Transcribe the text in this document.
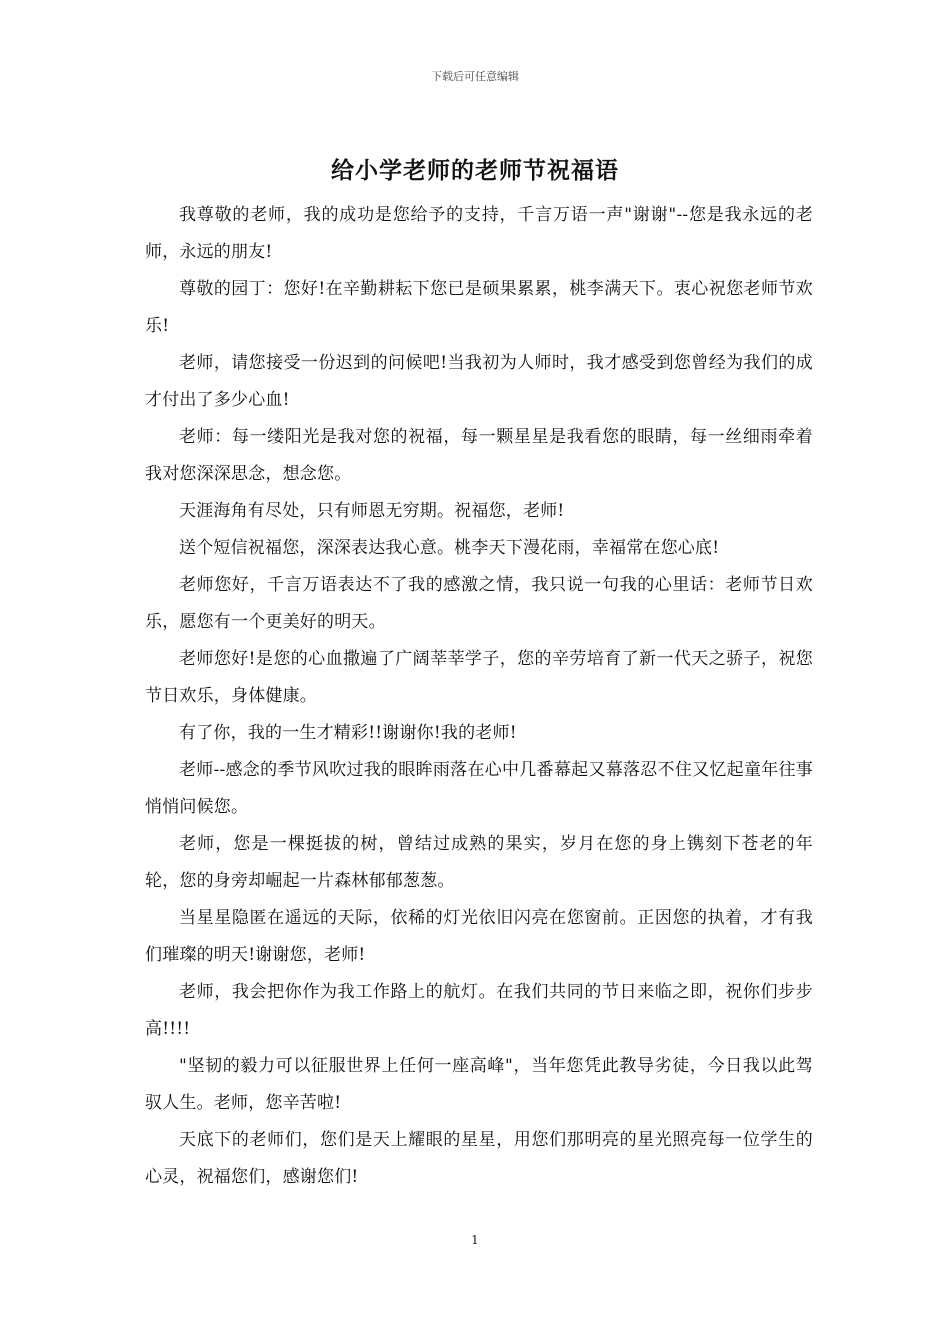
下载后可任意编辑
给小学老师的老师节祝福语

我尊敬的老师，我的成功是您给予的支持，千言万语一声"谢谢"--您是我永远的老师，永远的朋友!

尊敬的园丁：您好!在辛勤耕耘下您已是硕果累累，桃李满天下。衷心祝您老师节欢乐!

老师，请您接受一份迟到的问候吧!当我初为人师时，我才感受到您曾经为我们的成才付出了多少心血!

老师：每一缕阳光是我对您的祝福，每一颗星星是我看您的眼睛，每一丝细雨牵着我对您深深思念，想念您。

天涯海角有尽处，只有师恩无穷期。祝福您，老师!

送个短信祝福您，深深表达我心意。桃李天下漫花雨，幸福常在您心底!

老师您好，千言万语表达不了我的感激之情，我只说一句我的心里话：老师节日欢乐，愿您有一个更美好的明天。

老师您好!是您的心血撒遍了广阔莘莘学子，您的辛劳培育了新一代天之骄子，祝您节日欢乐，身体健康。

有了你，我的一生才精彩!!谢谢你!我的老师!

老师--感念的季节风吹过我的眼眸雨落在心中几番幕起又幕落忍不住又忆起童年往事悄悄问候您。

老师，您是一棵挺拔的树，曾结过成熟的果实，岁月在您的身上镌刻下苍老的年轮，您的身旁却崛起一片森林郁郁葱葱。

当星星隐匿在遥远的天际，依稀的灯光依旧闪亮在您窗前。正因您的执着，才有我们璀璨的明天!谢谢您，老师!

老师，我会把你作为我工作路上的航灯。在我们共同的节日来临之即，祝你们步步高!!!!

"坚韧的毅力可以征服世界上任何一座高峰"，当年您凭此教导劣徒，今日我以此驾驭人生。老师，您辛苦啦!

天底下的老师们，您们是天上耀眼的星星，用您们那明亮的星光照亮每一位学生的心灵，祝福您们，感谢您们!

1
